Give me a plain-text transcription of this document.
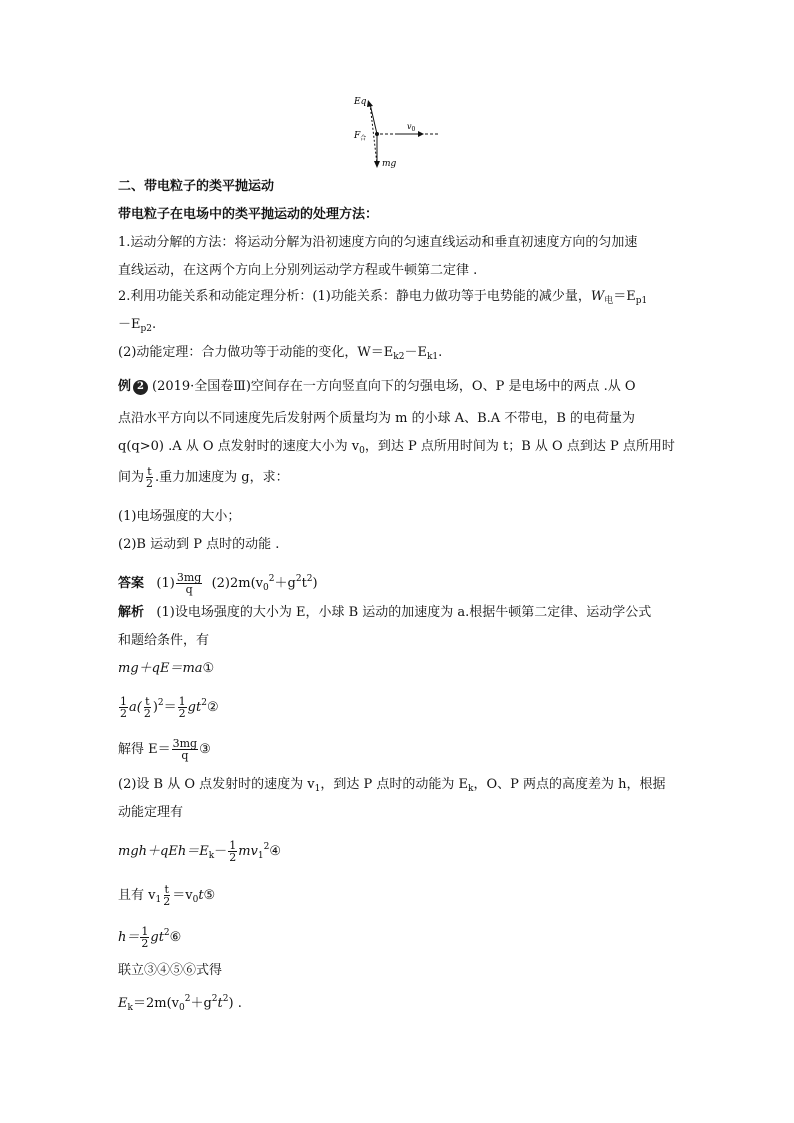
Eq
$F_合$
$v_0$
mg
二、带电粒子的类平抛运动
带电粒子在电场中的类平抛运动的处理方法：
1.运动分解的方法：将运动分解为沿初速度方向的匀速直线运动和垂直初速度方向的匀加速
直线运动，在这两个方向上分别列运动学方程或牛顿第二定律 .
2.利用功能关系和动能定理分析：(1)功能关系：静电力做功等于电势能的减少量，$W_电=E_{p1}$
$-E_{p2}$.
(2)动能定理：合力做功等于动能的变化，$W=E_{k2}-E_{k1}$.
例 2 (2019·全国卷Ⅲ)空间存在一方向竖直向下的匀强电场，O、P 是电场中的两点 .从 O
点沿水平方向以不同速度先后发射两个质量均为 m 的小球 A、B.A 不带电，B 的电荷量为
q(q>0) .A 从 O 点发射时的速度大小为 $v_0$，到达 P 点所用时间为 t；B 从 O 点到达 P 点所用时
间为 $\frac{t}{2}$ .重力加速度为 g，求：
(1)电场强度的大小；
(2)B 运动到 P 点时的动能 .
答案 $(1) \frac{3mg}{q} (2)2m(v_0^2+g^2t^2)$
解析 (1)设电场强度的大小为 E，小球 B 运动的加速度为 a.根据牛顿第二定律、运动学公式
和题给条件，有
mg＋qE＝ma①
$\frac{1}{2} a( \frac{t}{2} )^2= \frac{1}{2}$ $gt^2②$
解得 $E= \frac{3mg}{q}$ ③
(2)设 B 从 O 点发射时的速度为 $v_1$，到达 P 点时的动能为 $E_k$，O、P 两点的高度差为 h，根据
动能定理有
$mgh+qEh=E_k- \frac{1}{2}$ $mv_1^2④$
且有 $v_1 \frac{t}{2}$ $=v_0t⑤$
$h= \frac{1}{2}$ $gt^2⑥$
联立③④⑤⑥式得
$E_k=2m(v_0^2+g^2t^2)$ .
